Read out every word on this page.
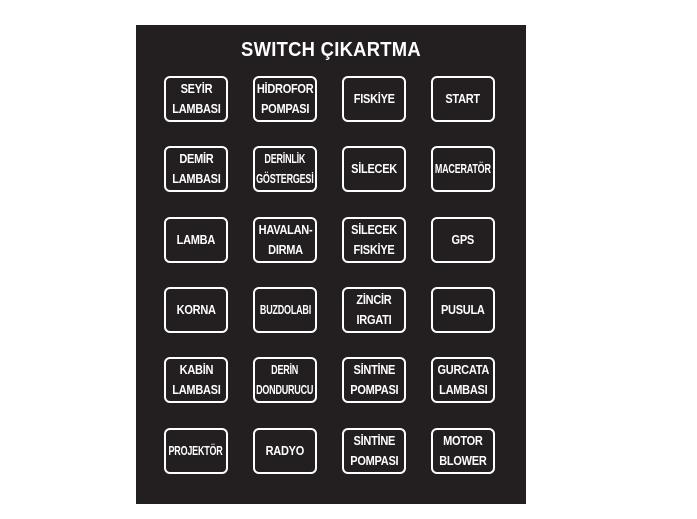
SWITCH ÇIKARTMA
SEYİR
LAMBASI
HİDROFOR
POMPASI
FISKİYE	START
DEMİR
LAMBASI
DERİNLİK
GÖSTERGESİ
SİLECEK	MACERATÖR
LAMBA
HAVALAN-
DIRMA
SİLECEK
FISKİYE
GPS
KORNA	BUZDOLABI
ZİNCİR
IRGATI
PUSULA
KABİN
LAMBASI
DERİN
DONDURUCU
SİNTİNE
POMPASI
GURCATA
LAMBASI
PROJEKTÖR	RADYO
SİNTİNE
POMPASI
MOTOR
BLOWER
